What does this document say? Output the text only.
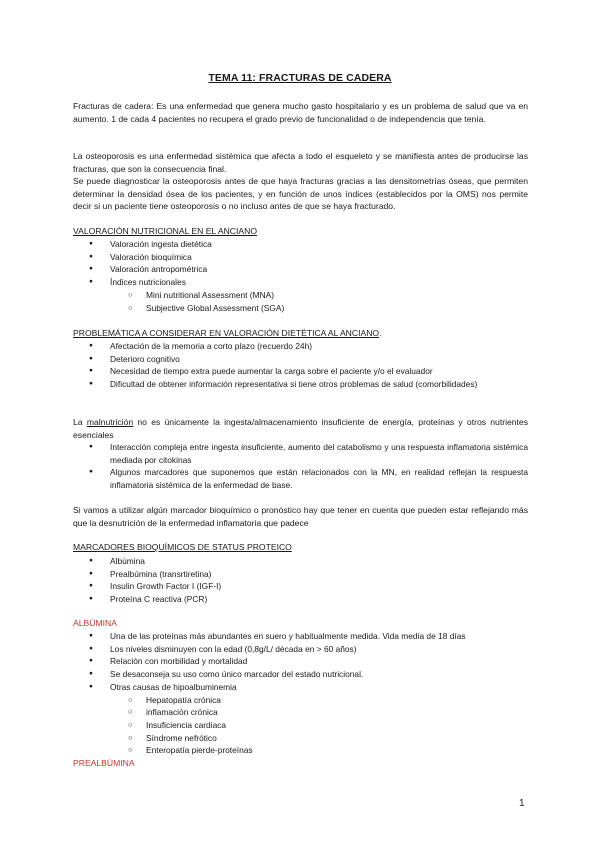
TEMA 11: FRACTURAS DE CADERA
Fracturas de cadera: Es una enfermedad que genera mucho gasto hospitalario y es un problema de salud que va en aumento. 1 de cada 4 pacientes no recupera el grado previo de funcionalidad o de independencia que tenía.
La osteoporosis es una enfermedad sistémica que afecta a todo el esqueleto y se manifiesta antes de producirse las fracturas, que son la consecuencia final.
Se puede diagnosticar la osteoporosis antes de que haya fracturas gracias a las densitometrías óseas, que permiten determinar la densidad ósea de los pacientes, y en función de unos índices (establecidos por la OMS) nos permite decir si un paciente tiene osteoporosis o no incluso antes de que se haya fracturado.
VALORACIÓN NUTRICIONAL EN EL ANCIANO
● Valoración ingesta dietética
● Valoración bioquímica
● Valoración antropométrica
● Índices nutricionales
○ Mini nutritional Assessment (MNA)
○ Subjective Global Assessment (SGA)
PROBLEMÁTICA A CONSIDERAR EN VALORACIÓN DIETÉTICA AL ANCIANO.
● Afectación de la memoria a corto plazo (recuerdo 24h)
● Deterioro cognitivo
● Necesidad de tiempo extra puede aumentar la carga sobre el paciente y/o el evaluador
● Dificultad de obtener información representativa si tiene otros problemas de salud (comorbilidades)
La malnutrición no es únicamente la ingesta/almacenamiento insuficiente de energía, proteínas y otros nutrientes esenciales
● Interacción compleja entre ingesta insuficiente, aumento del catabolismo y una respuesta inflamatoria sistémica mediada por citokinas
● Algunos marcadores que suponemos que están relacionados con la MN, en realidad reflejan la respuesta inflamatoria sistémica de la enfermedad de base.
Si vamos a utilizar algún marcador bioquímico o pronóstico hay que tener en cuenta que pueden estar reflejando más que la desnutrición de la enfermedad inflamatoria que padece
MARCADORES BIOQUÍMICOS DE STATUS PROTEICO
● Albúmina
● Prealbúmina (transrtiretina)
● Insulin Growth Factor I (IGF-I)
● Proteína C reactiva (PCR)
ALBÚMINA
● Una de las proteínas más abundantes en suero y habitualmente medida. Vida media de 18 días
● Los niveles disminuyen con la edad (0,8g/L/ década en > 60 años)
● Relación con morbilidad y mortalidad
● Se desaconseja su uso como único marcador del estado nutricional.
● Otras causas de hipoalbuminemia
○ Hepatopatía crónica
○ inflamación crónica
○ Insuficiencia cardiaca
○ Síndrome nefrótico
○ Enteropatía pierde-proteínas
PREALBÚMINA
1
